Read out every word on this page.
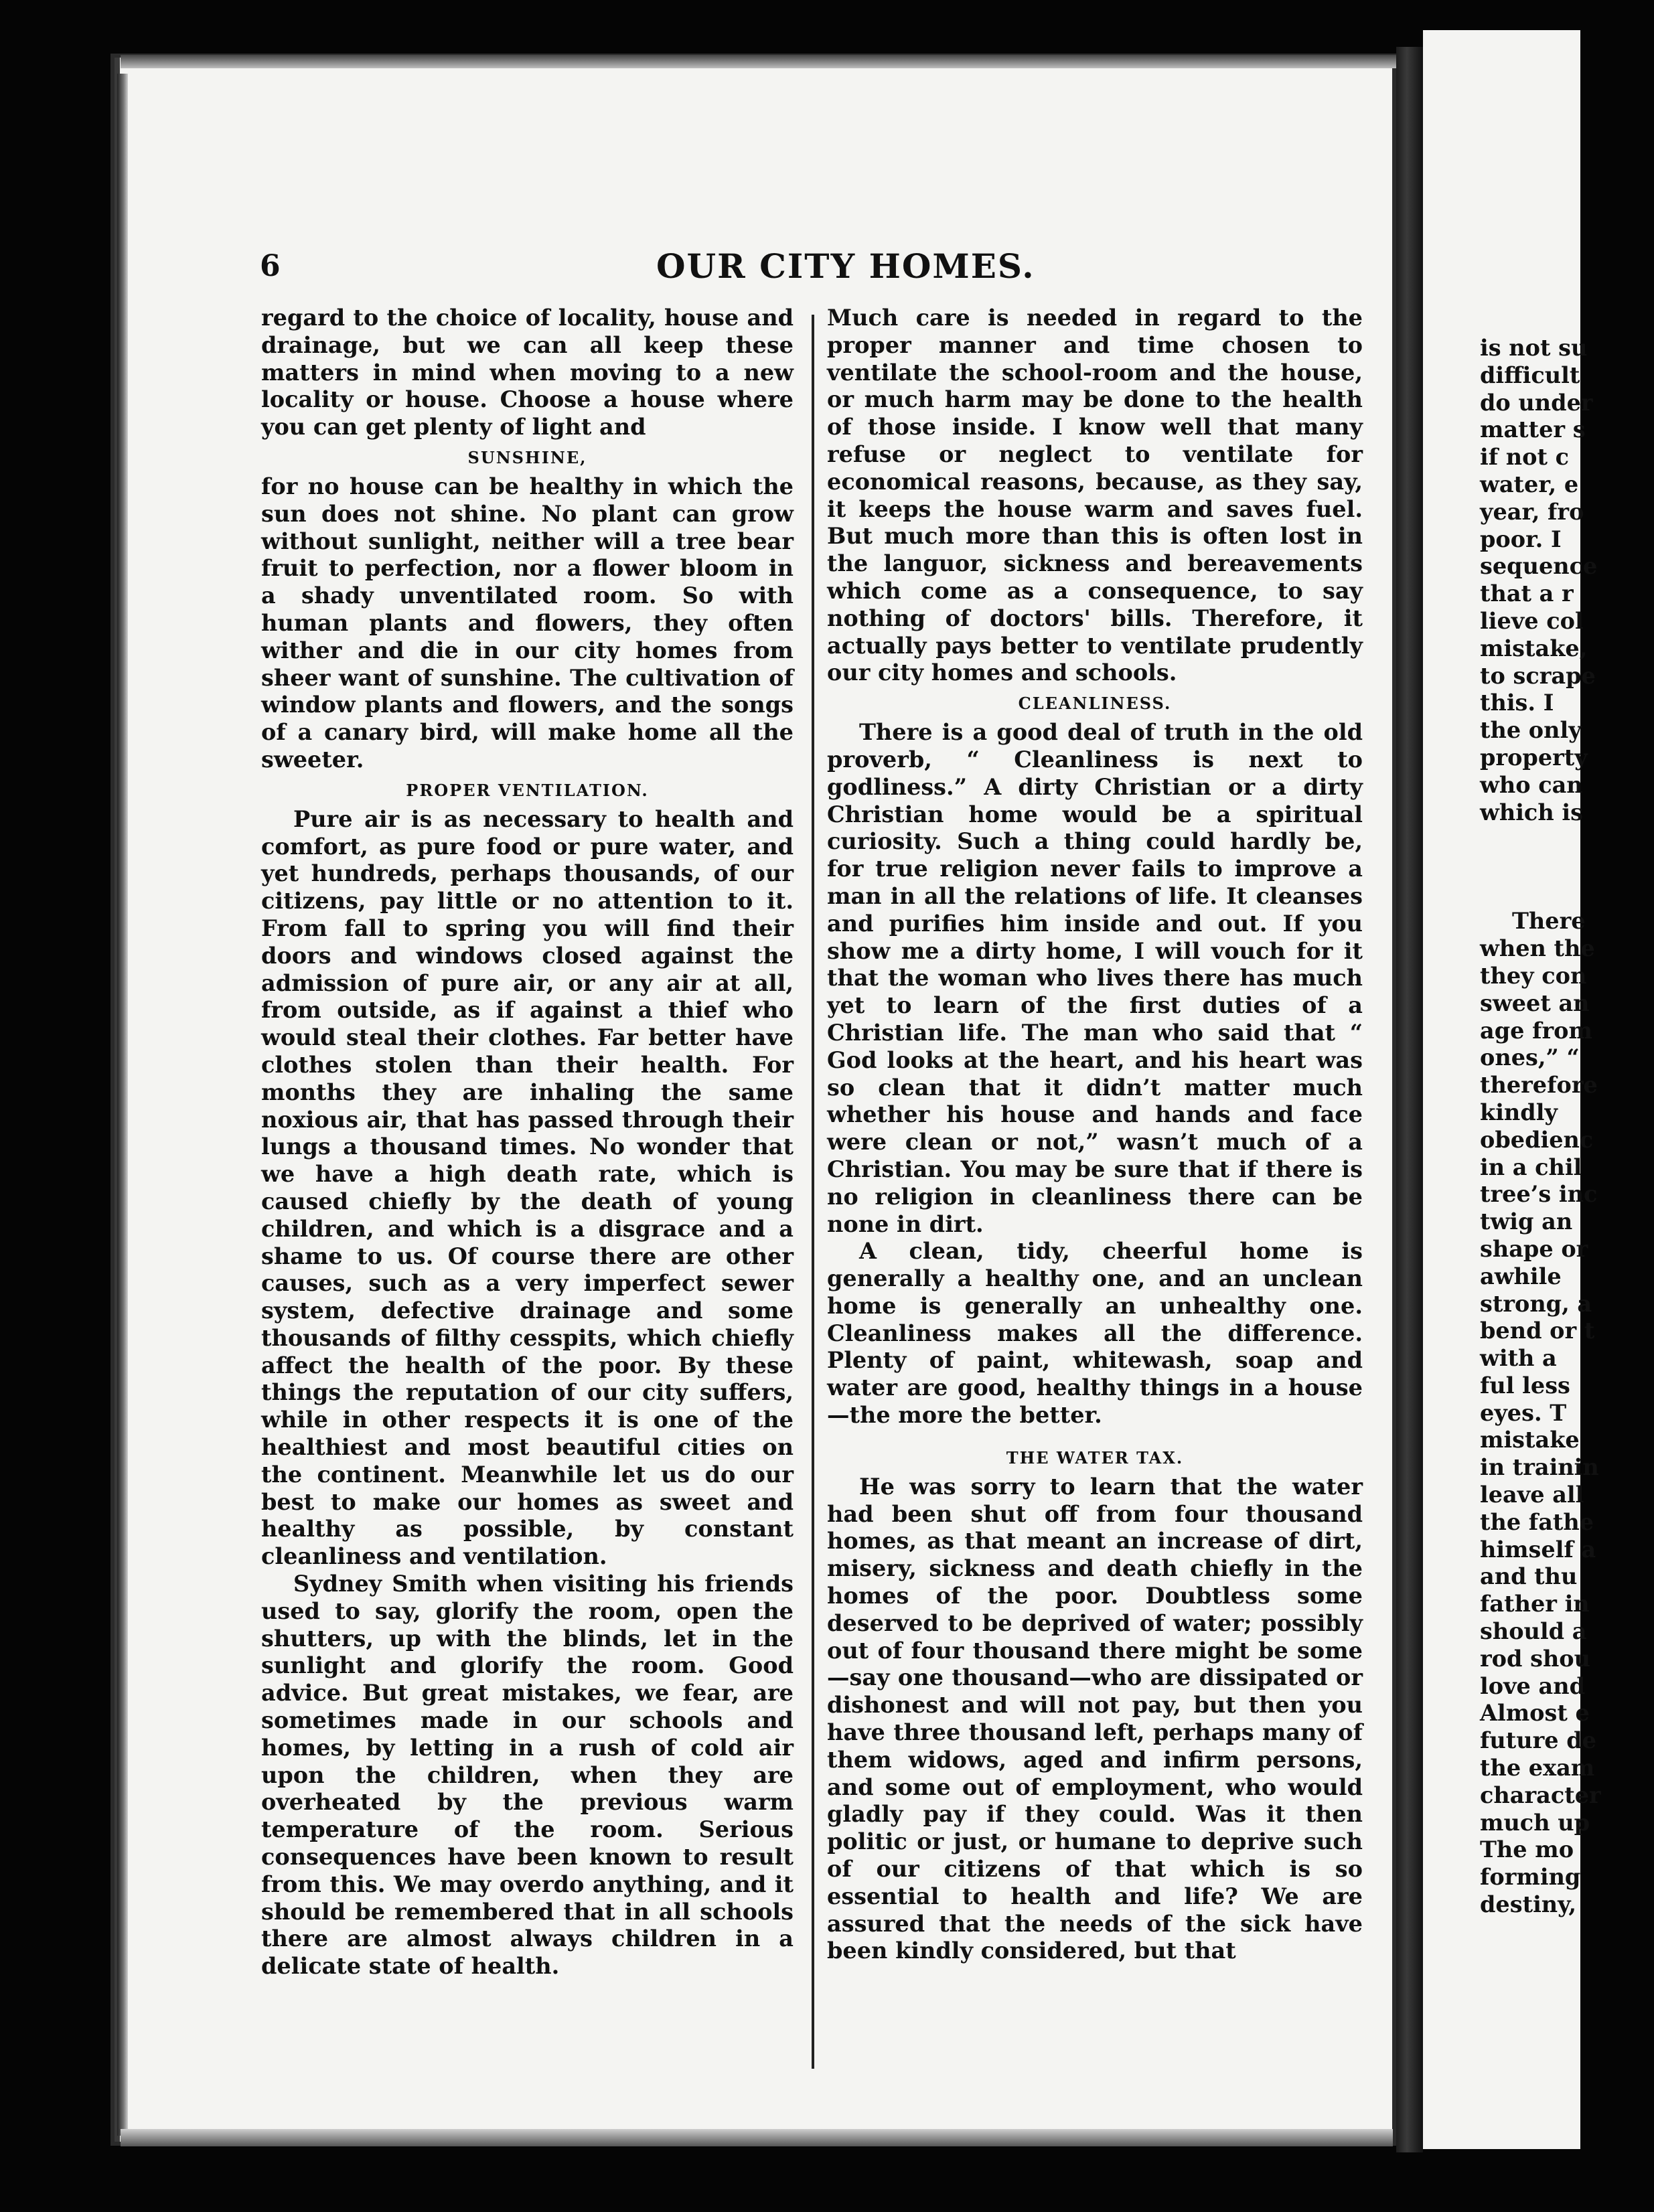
6	OUR CITY HOMES.

regard to the choice of locality, house and drainage, but we can all keep these matters in mind when moving to a new locality or house. Choose a house where you can get plenty of light and

SUNSHINE,

for no house can be healthy in which the sun does not shine. No plant can grow without sunlight, neither will a tree bear fruit to perfection, nor a flower bloom in a shady unventilated room. So with human plants and flowers, they often wither and die in our city homes from sheer want of sunshine. The cultivation of window plants and flowers, and the songs of a canary bird, will make home all the sweeter.

PROPER VENTILATION.

Pure air is as necessary to health and comfort, as pure food or pure water, and yet hundreds, perhaps thousands, of our citizens, pay little or no attention to it. From fall to spring you will find their doors and windows closed against the admission of pure air, or any air at all, from outside, as if against a thief who would steal their clothes. Far better have clothes stolen than their health. For months they are inhaling the same noxious air, that has passed through their lungs a thousand times. No wonder that we have a high death rate, which is caused chiefly by the death of young children, and which is a disgrace and a shame to us. Of course there are other causes, such as a very imperfect sewer system, defective drainage and some thousands of filthy cesspits, which chiefly affect the health of the poor. By these things the reputation of our city suffers, while in other respects it is one of the healthiest and most beautiful cities on the continent. Meanwhile let us do our best to make our homes as sweet and healthy as possible, by constant cleanliness and ventilation.

Sydney Smith when visiting his friends used to say, glorify the room, open the shutters, up with the blinds, let in the sunlight and glorify the room. Good advice. But great mistakes, we fear, are sometimes made in our schools and homes, by letting in a rush of cold air upon the children, when they are overheated by the previous warm temperature of the room. Serious consequences have been known to result from this. We may overdo anything, and it should be remembered that in all schools there are almost always children in a delicate state of health.

Much care is needed in regard to the proper manner and time chosen to ventilate the school-room and the house, or much harm may be done to the health of those inside. I know well that many refuse or neglect to ventilate for economical reasons, because, as they say, it keeps the house warm and saves fuel. But much more than this is often lost in the languor, sickness and bereavements which come as a consequence, to say nothing of doctors' bills. Therefore, it actually pays better to ventilate prudently our city homes and schools.

CLEANLINESS.

There is a good deal of truth in the old proverb, “ Cleanliness is next to godliness.” A dirty Christian or a dirty Christian home would be a spiritual curiosity. Such a thing could hardly be, for true religion never fails to improve a man in all the relations of life. It cleanses and purifies him inside and out. If you show me a dirty home, I will vouch for it that the woman who lives there has much yet to learn of the first duties of a Christian life. The man who said that “ God looks at the heart, and his heart was so clean that it didn’t matter much whether his house and hands and face were clean or not,” wasn’t much of a Christian. You may be sure that if there is no religion in cleanliness there can be none in dirt.

A clean, tidy, cheerful home is generally a healthy one, and an unclean home is generally an unhealthy one. Cleanliness makes all the difference. Plenty of paint, whitewash, soap and water are good, healthy things in a house—the more the better.

THE WATER TAX.

He was sorry to learn that the water had been shut off from four thousand homes, as that meant an increase of dirt, misery, sickness and death chiefly in the homes of the poor. Doubtless some deserved to be deprived of water; possibly out of four thousand there might be some—say one thousand—who are dissipated or dishonest and will not pay, but then you have three thousand left, perhaps many of them widows, aged and infirm persons, and some out of employment, who would gladly pay if they could. Was it then politic or just, or humane to deprive such of our citizens of that which is so essential to health and life? We are assured that the needs of the sick have been kindly considered, but that

is not su
difficult
do under
matter s
if not c
water, e
year, fro
poor. I
sequence
that a r
lieve col
mistake,
to scrape
this. I
the only
property
who can
which is
There
when the
they con
sweet an
age from
ones,” “
therefore
kindly
obedienc
in a chil
tree’s inc
twig an
shape or
awhile
strong, a
bend or t
with a
ful less
eyes. T
mistake
in trainin
leave all
the fathe
himself a
and thu
father in
should a
rod shou
love and
Almost e
future de
the exam
character
much up
The mo
forming
destiny,
